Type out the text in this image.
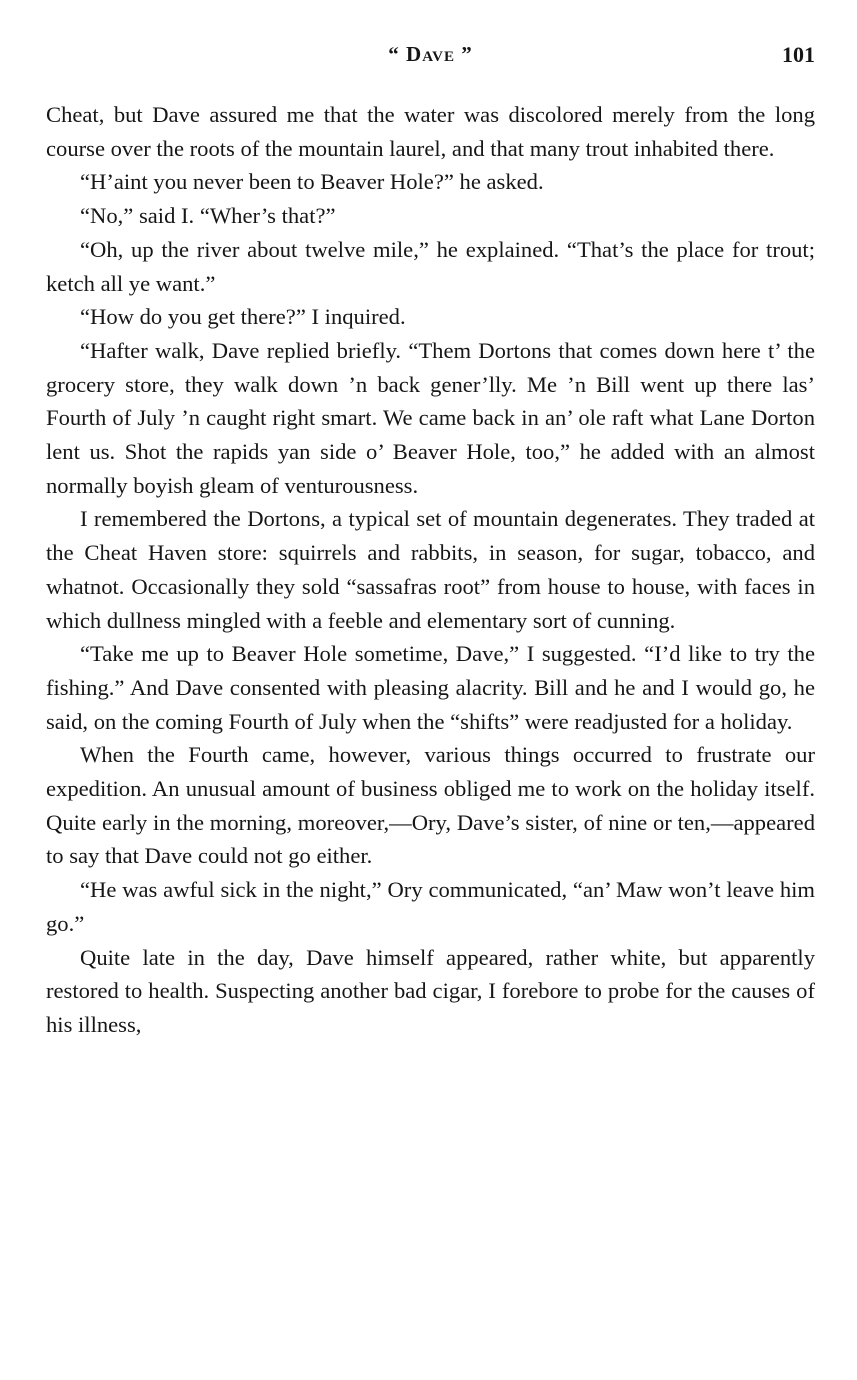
“ Dave ”	101

Cheat, but Dave assured me that the water was discolored merely from the long course over the roots of the mountain laurel, and that many trout inhabited there.

“H’aint you never been to Beaver Hole?” he asked.

“No,” said I. “Wher’s that?”

“Oh, up the river about twelve mile,” he explained. “That’s the place for trout; ketch all ye want.”

“How do you get there?” I inquired.

“Hafter walk, Dave replied briefly. “Them Dortons that comes down here t’ the grocery store, they walk down ’n back gener’lly. Me ’n Bill went up there las’ Fourth of July ’n caught right smart. We came back in an’ ole raft what Lane Dorton lent us. Shot the rapids yan side o’ Beaver Hole, too,” he added with an almost normally boyish gleam of venturousness.

I remembered the Dortons, a typical set of mountain degenerates. They traded at the Cheat Haven store: squirrels and rabbits, in season, for sugar, tobacco, and whatnot. Occasionally they sold “sassafras root” from house to house, with faces in which dullness mingled with a feeble and elementary sort of cunning.

“Take me up to Beaver Hole sometime, Dave,” I suggested. “I’d like to try the fishing.” And Dave consented with pleasing alacrity. Bill and he and I would go, he said, on the coming Fourth of July when the “shifts” were readjusted for a holiday.

When the Fourth came, however, various things occurred to frustrate our expedition. An unusual amount of business obliged me to work on the holiday itself. Quite early in the morning, moreover,—Ory, Dave’s sister, of nine or ten,—appeared to say that Dave could not go either.

“He was awful sick in the night,” Ory communicated, “an’ Maw won’t leave him go.”

Quite late in the day, Dave himself appeared, rather white, but apparently restored to health. Suspecting another bad cigar, I forebore to probe for the causes of his illness,
